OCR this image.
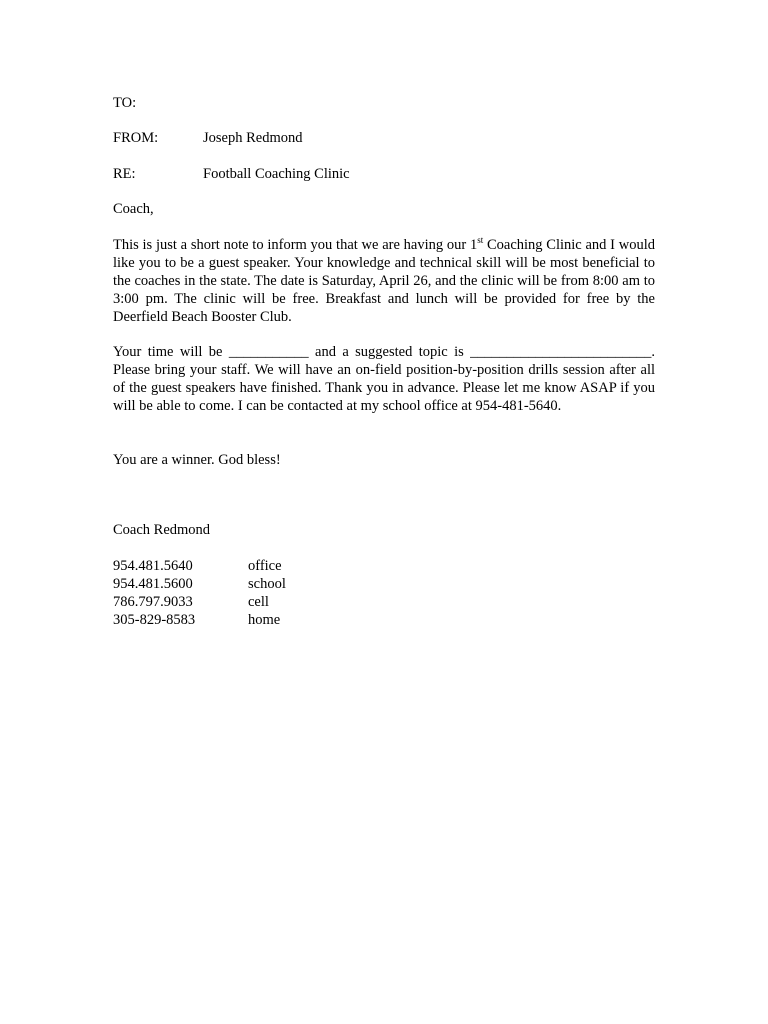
TO:
FROM:	Joseph Redmond
RE:	Football Coaching Clinic
Coach,

This is just a short note to inform you that we are having our 1st Coaching Clinic and I would like you to be a guest speaker. Your knowledge and technical skill will be most beneficial to the coaches in the state. The date is Saturday, April 26, and the clinic will be from 8:00 am to 3:00 pm. The clinic will be free. Breakfast and lunch will be provided for free by the Deerfield Beach Booster Club.

Your time will be ___________ and a suggested topic is _________________________. Please bring your staff. We will have an on-field position-by-position drills session after all of the guest speakers have finished. Thank you in advance. Please let me know ASAP if you will be able to come. I can be contacted at my school office at 954-481-5640.

You are a winner. God bless!
Coach Redmond
954.481.5640	office
954.481.5600	school
786.797.9033	cell
305-829-8583	home
